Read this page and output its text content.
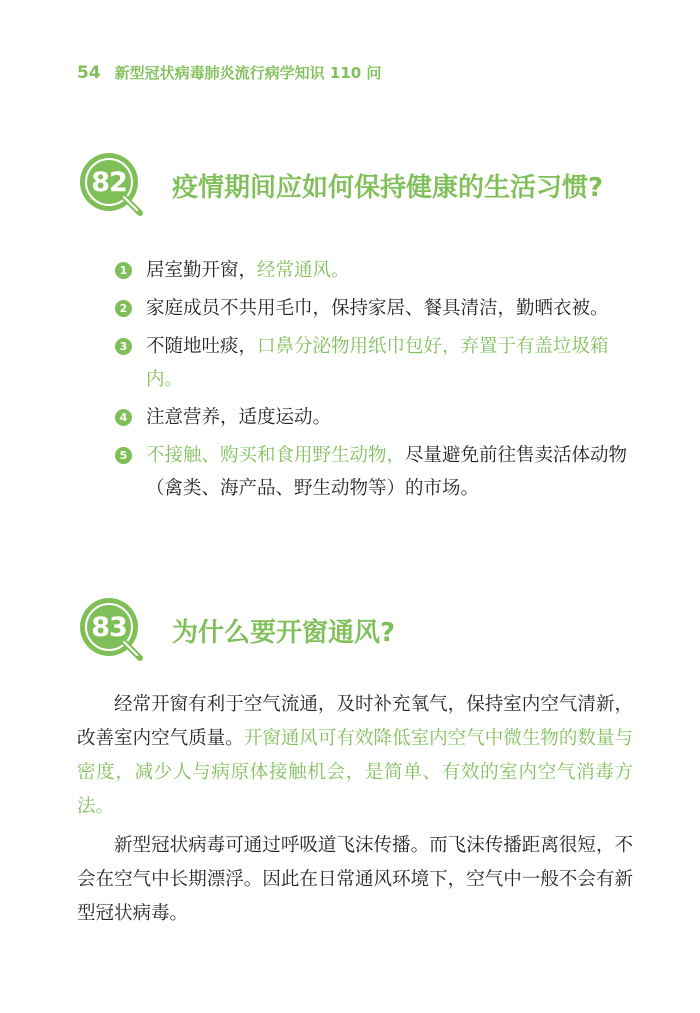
54 新型冠状病毒肺炎流行病学知识 110 问
82	疫情期间应如何保持健康的生活习惯?
1 居室勤开窗，经常通风。
2 家庭成员不共用毛巾，保持家居、餐具清洁，勤晒衣被。
3 不随地吐痰，口鼻分泌物用纸巾包好，弃置于有盖垃圾箱内。
4 注意营养，适度运动。
5 不接触、购买和食用野生动物，尽量避免前往售卖活体动物（禽类、海产品、野生动物等）的市场。
83	为什么要开窗通风?

经常开窗有利于空气流通，及时补充氧气，保持室内空气清新，改善室内空气质量。开窗通风可有效降低室内空气中微生物的数量与密度，减少人与病原体接触机会，是简单、有效的室内空气消毒方法。

新型冠状病毒可通过呼吸道飞沫传播。而飞沫传播距离很短，不会在空气中长期漂浮。因此在日常通风环境下，空气中一般不会有新型冠状病毒。
